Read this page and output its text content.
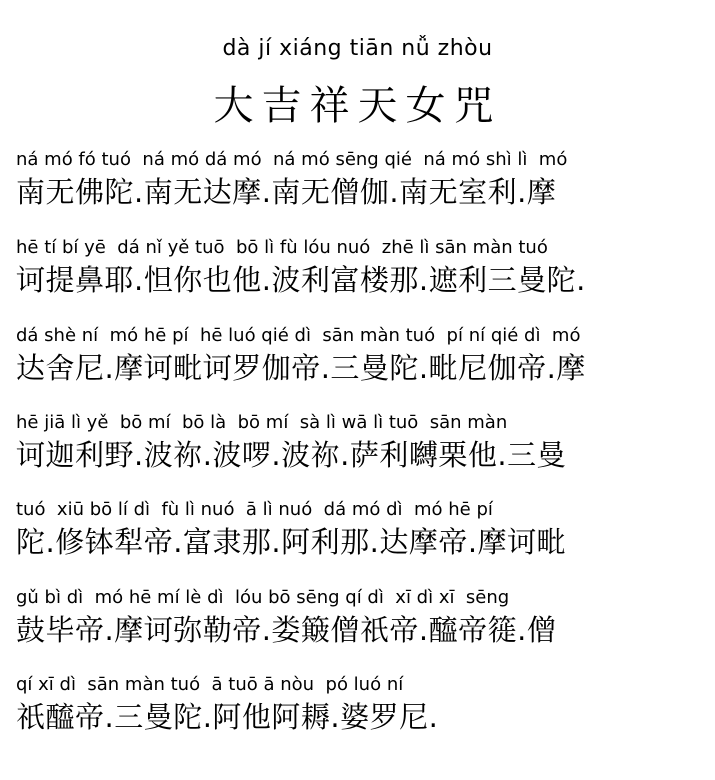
dà jí xiáng tiān nǚ zhòu
大吉祥天女咒
ná mó fó tuó  ná mó dá mó  ná mó sēng qié  ná mó shì lì  mó
南无佛陀.南无达摩.南无僧伽.南无室利.摩
hē tí bí yē  dá nǐ yě tuō  bō lì fù lóu nuó  zhē lì sān màn tuó
诃提鼻耶.怛你也他.波利富楼那.遮利三曼陀.
dá shè ní  mó hē pí  hē luó qié dì  sān màn tuó  pí ní qié dì  mó
达舍尼.摩诃毗诃罗伽帝.三曼陀.毗尼伽帝.摩
hē jiā lì yě  bō mí  bō là  bō mí  sà lì wā lì tuō  sān màn
诃迦利野.波祢.波啰.波祢.萨利嚩栗他.三曼
tuó  xiū bō lí dì  fù lì nuó  ā lì nuó  dá mó dì  mó hē pí
陀.修钵犁帝.富隶那.阿利那.达摩帝.摩诃毗
gǔ bì dì  mó hē mí lè dì  lóu bō sēng qí dì  xī dì xī  sēng
鼓毕帝.摩诃弥勒帝.娄簸僧祇帝.醯帝簁.僧
qí xī dì  sān màn tuó  ā tuō ā nòu  pó luó ní
祇醯帝.三曼陀.阿他阿耨.婆罗尼.
